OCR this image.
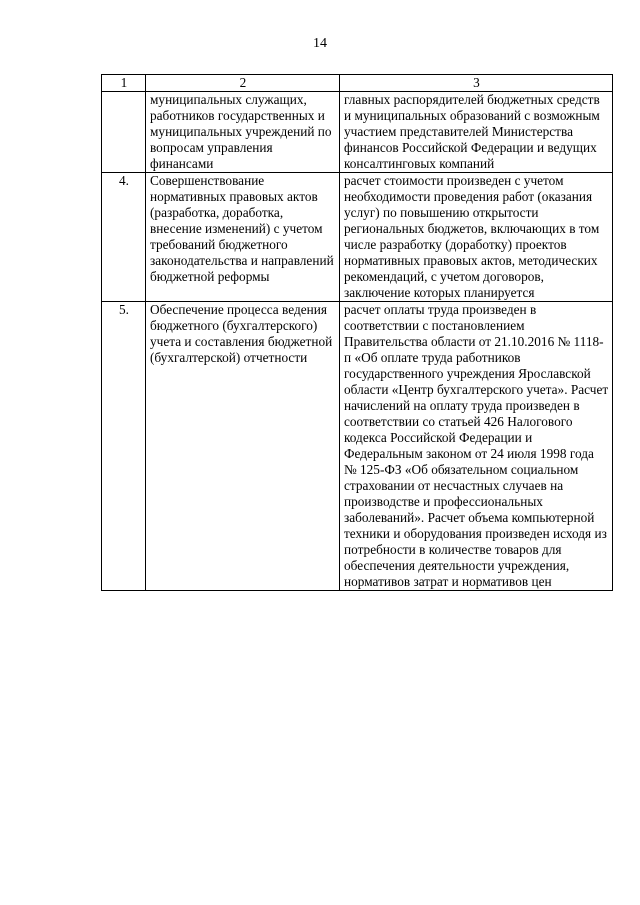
14
1	2	3
	муниципальных служащих, работников государственных и муниципальных учреждений по вопросам управления финансами	главных распорядителей бюджетных средств и муниципальных образований с возможным участием представителей Министерства финансов Российской Федерации и ведущих консалтинговых компаний
4.	Совершенствование нормативных правовых актов (разработка, доработка, внесение изменений) с учетом требований бюджетного законодательства и направлений бюджетной реформы	расчет стоимости произведен с учетом необходимости проведения работ (оказания услуг) по повышению открытости региональных бюджетов, включающих в том числе разработку (доработку) проектов нормативных правовых актов, методических рекомендаций, с учетом договоров, заключение которых планируется
5.	Обеспечение процесса ведения бюджетного (бухгалтерского) учета и составления бюджетной (бухгалтерской) отчетности	расчет оплаты труда произведен в соответствии с постановлением Правительства области от 21.10.2016 № 1118-п «Об оплате труда работников государственного учреждения Ярославской области «Центр бухгалтерского учета». Расчет начислений на оплату труда произведен в соответствии со статьей 426 Налогового кодекса Российской Федерации и Федеральным законом от 24 июля 1998 года № 125-ФЗ «Об обязательном социальном страховании от несчастных случаев на производстве и профессиональных заболеваний». Расчет объема компьютерной техники и оборудования произведен исходя из потребности в количестве товаров для обеспечения деятельности учреждения, нормативов затрат и нормативов цен
